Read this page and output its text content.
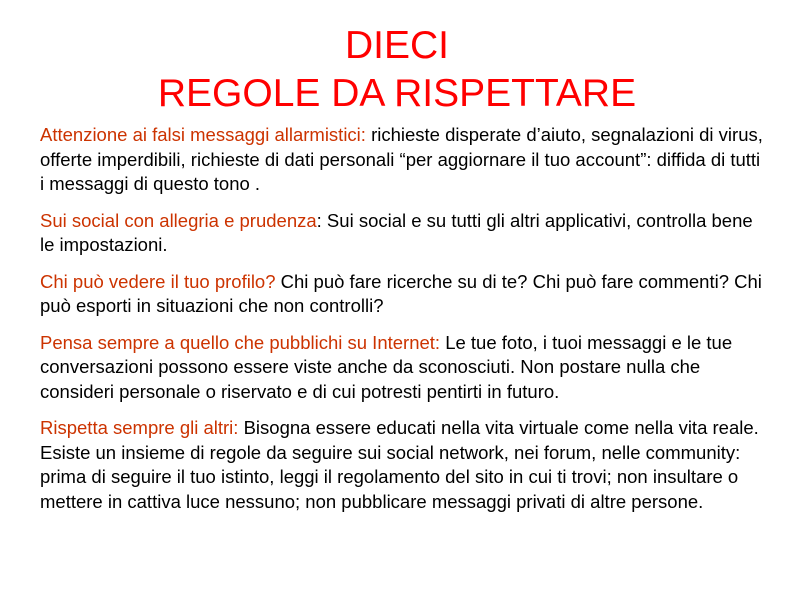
DIECI
REGOLE DA RISPETTARE

Attenzione ai falsi messaggi allarmistici: richieste disperate d’aiuto, segnalazioni di virus, offerte imperdibili, richieste di dati personali “per aggiornare il tuo account”: diffida di tutti i messaggi di questo tono .

Sui social con allegria e prudenza: Sui social e su tutti gli altri applicativi, controlla bene le impostazioni.

Chi può vedere il tuo profilo? Chi può fare ricerche su di te? Chi può fare commenti? Chi può esporti in situazioni che non controlli?

Pensa sempre a quello che pubblichi su Internet: Le tue foto, i tuoi messaggi e le tue conversazioni possono essere viste anche da sconosciuti. Non postare nulla che consideri personale o riservato e di cui potresti pentirti in futuro.

Rispetta sempre gli altri: Bisogna essere educati nella vita virtuale come nella vita reale. Esiste un insieme di regole da seguire sui social network, nei forum, nelle community: prima di seguire il tuo istinto, leggi il regolamento del sito in cui ti trovi; non insultare o mettere in cattiva luce nessuno; non pubblicare messaggi privati di altre persone.
